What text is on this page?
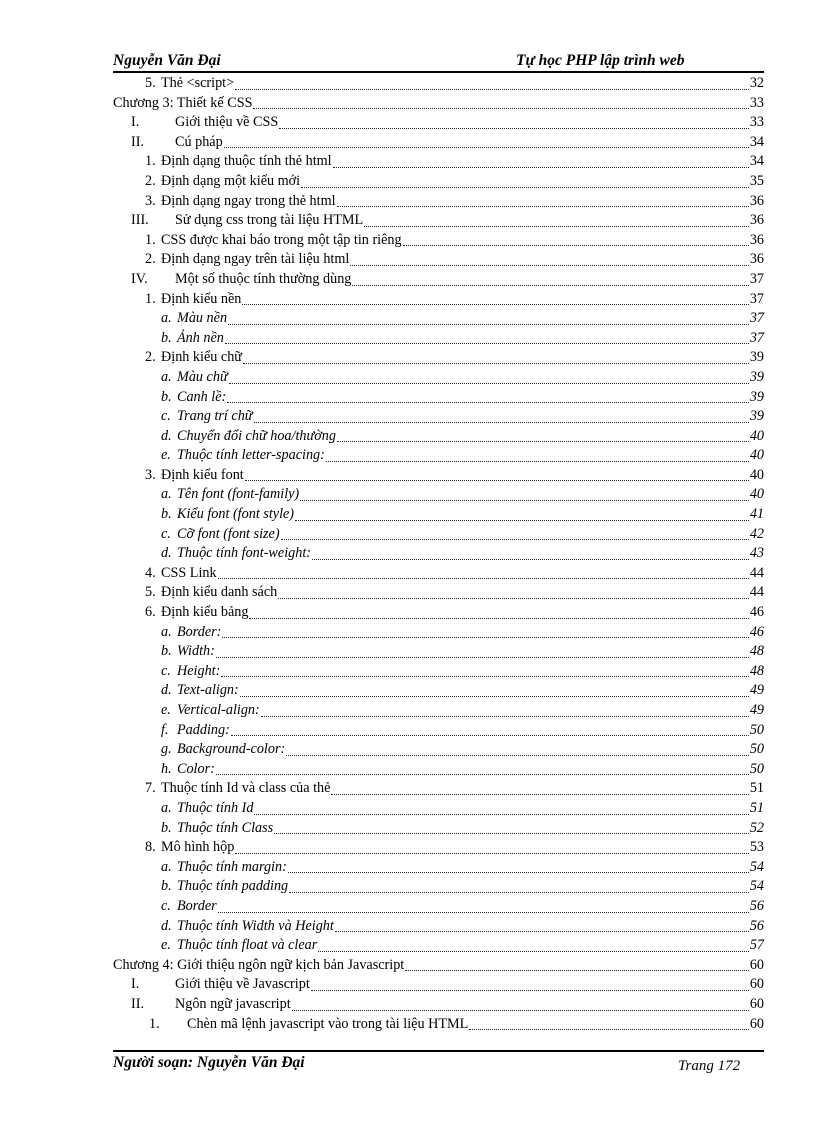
Nguyễn Văn Đại	Tự học PHP lập trình web
5. Thẻ <script>	32
Chương 3: Thiết kế CSS	33
I.	Giới thiệu về CSS	33
II.	Cú pháp	34
1. Định dạng thuộc tính thẻ html	34
2. Định dạng một kiểu mới	35
3. Định dạng ngay trong thẻ html	36
III.	Sử dụng css trong tài liệu HTML	36
1. CSS được khai báo trong một tập tin riêng	36
2. Định dạng ngay trên tài liệu html	36
IV.	Một số thuộc tính thường dùng	37
1. Định kiểu nền	37
a. Màu nền	37
b. Ảnh nền	37
2. Định kiểu chữ	39
a. Màu chữ	39
b. Canh lề:	39
c. Trang trí chữ	39
d. Chuyển đổi chữ hoa/thường	40
e. Thuộc tính letter-spacing:	40
3. Định kiểu font	40
a. Tên font (font-family)	40
b. Kiểu font (font style)	41
c. Cỡ font (font size)	42
d. Thuộc tính font-weight:	43
4. CSS Link	44
5. Định kiểu danh sách	44
6. Định kiểu bảng	46
a. Border:	46
b. Width:	48
c. Height:	48
d. Text-align:	49
e. Vertical-align:	49
f. Padding:	50
g. Background-color:	50
h. Color:	50
7. Thuộc tính Id và class của thẻ	51
a. Thuộc tính Id	51
b. Thuộc tính Class	52
8. Mô hình hộp	53
a. Thuộc tính margin:	54
b. Thuộc tính padding	54
c. Border	56
d. Thuộc tính Width và Height	56
e. Thuộc tính float và clear	57
Chương 4: Giới thiệu ngôn ngữ kịch bản Javascript	60
I.	Giới thiệu về Javascript	60
II.	Ngôn ngữ javascript	60
1.	Chèn mã lệnh javascript vào trong tài liệu HTML	60
Người soạn: Nguyễn Văn Đại	Trang 172
